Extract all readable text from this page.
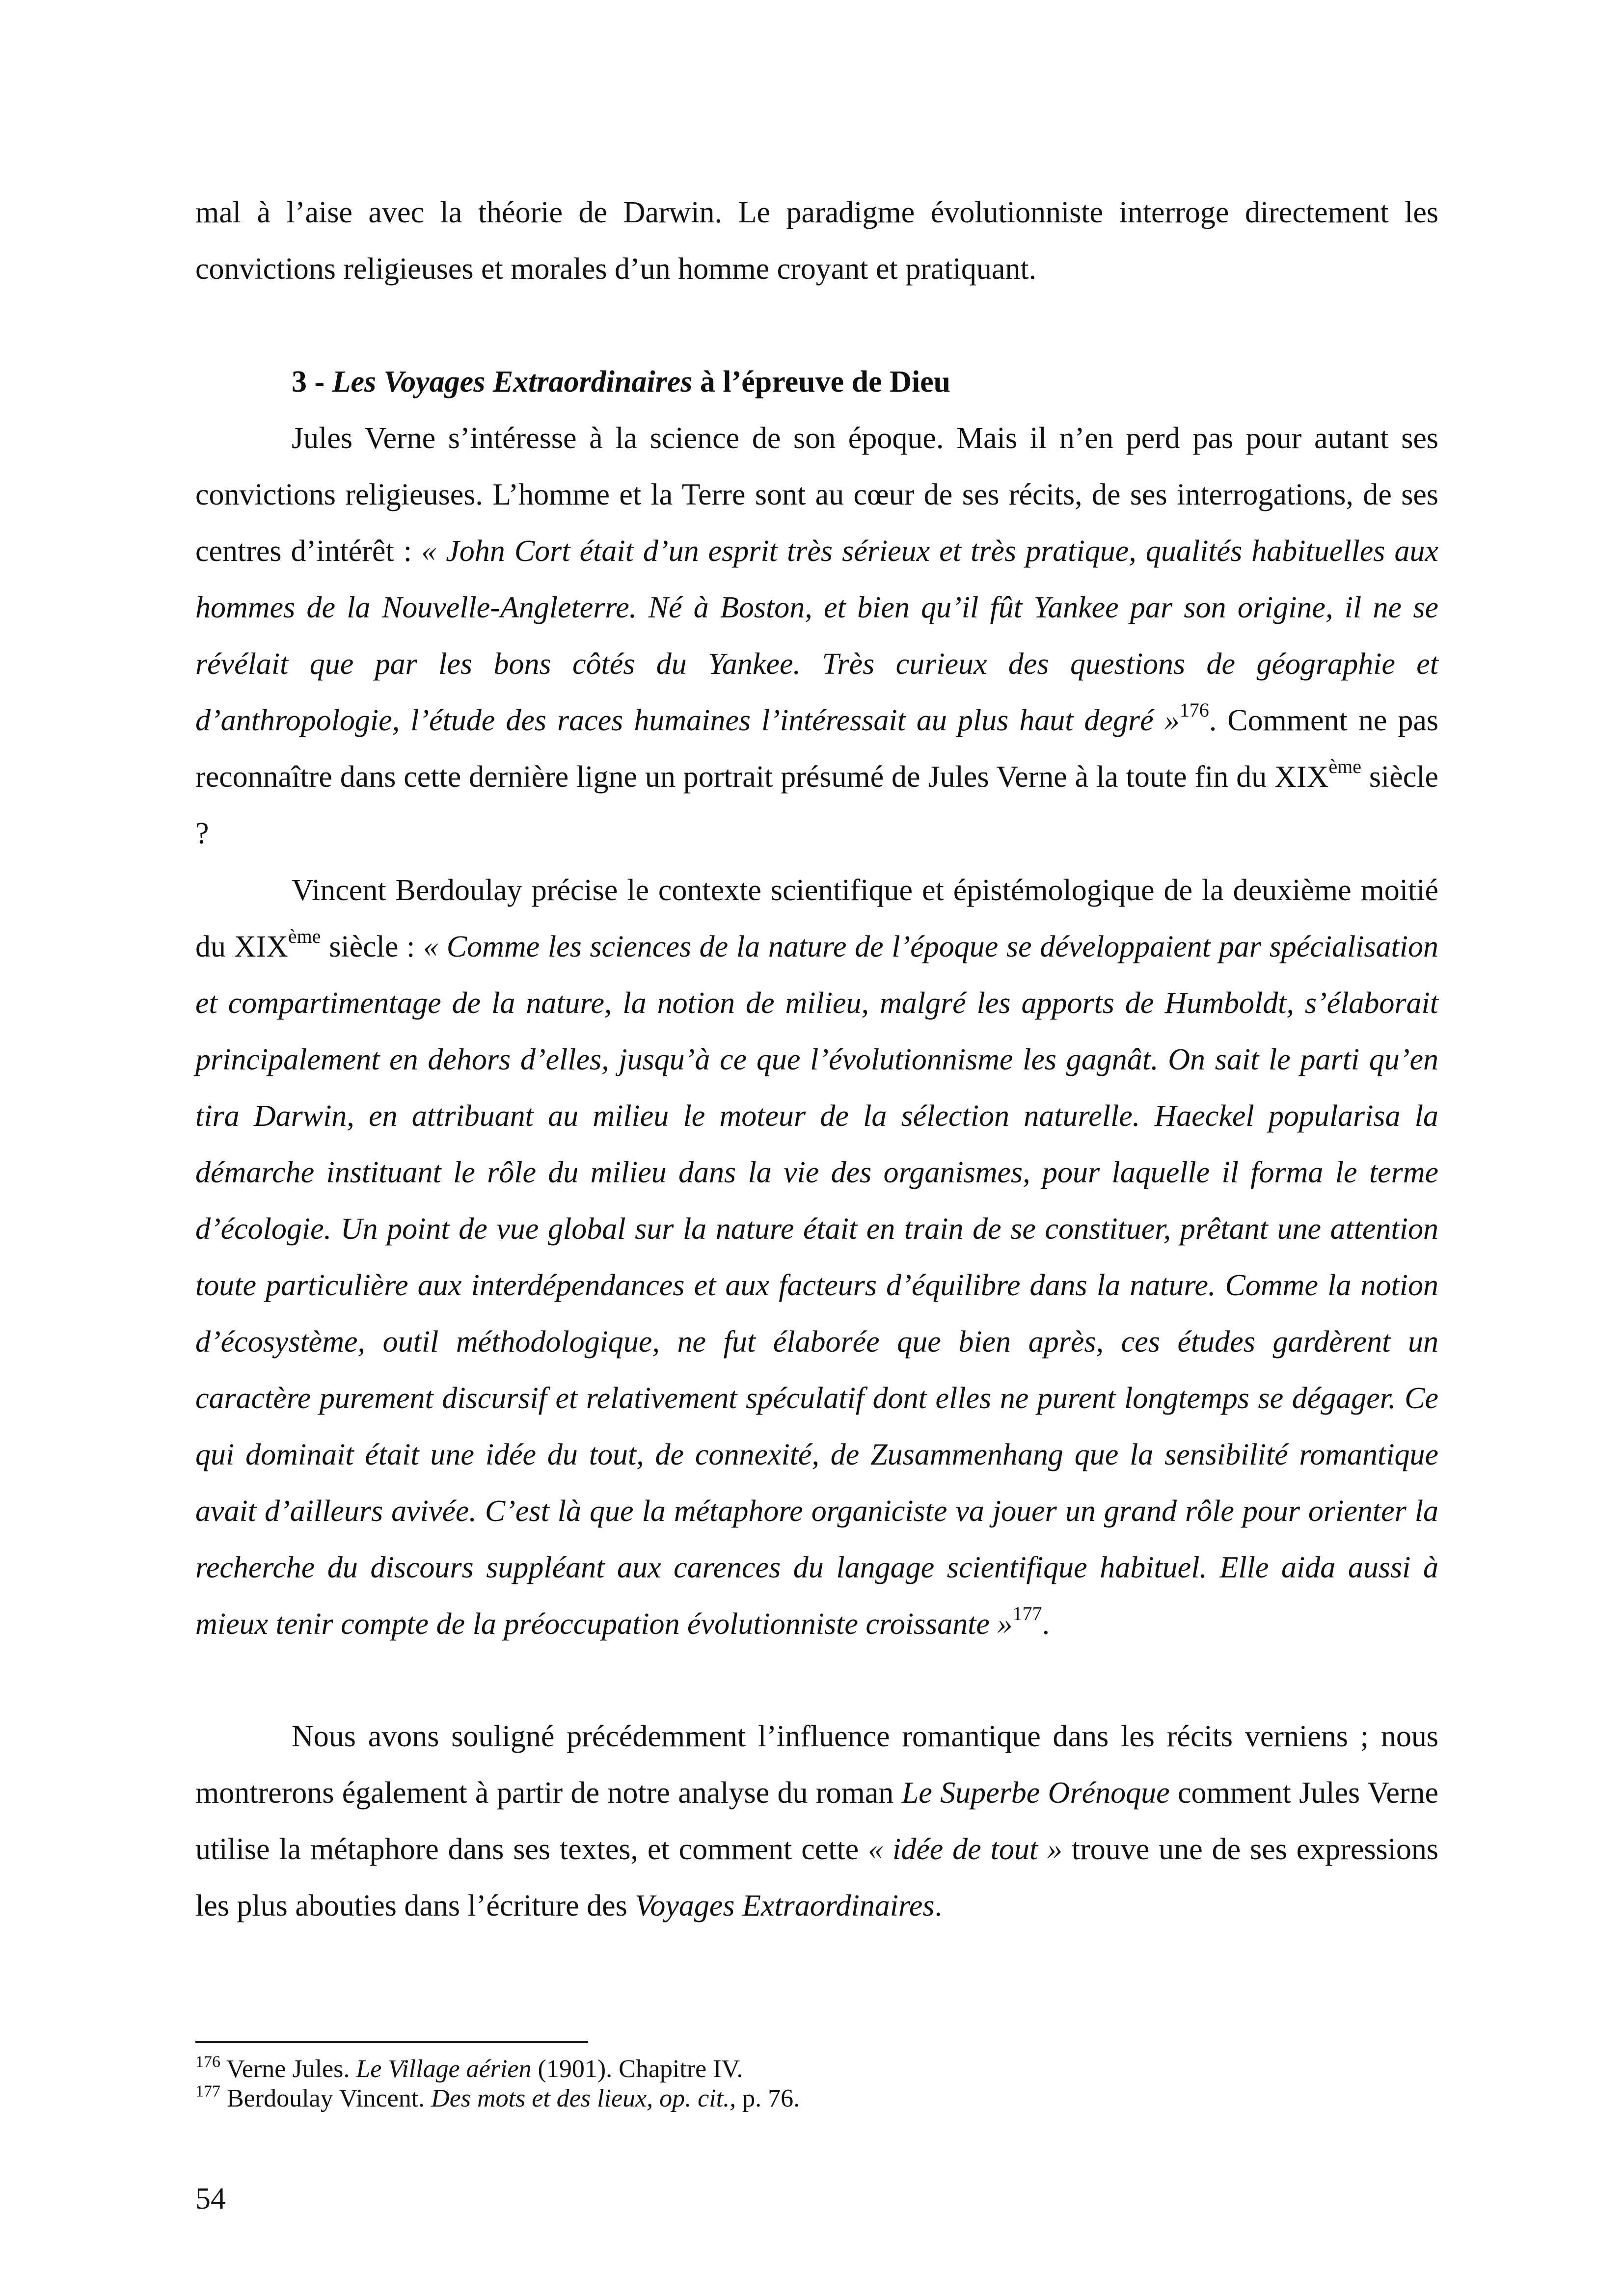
mal à l’aise avec la théorie de Darwin. Le paradigme évolutionniste interroge directement les convictions religieuses et morales d’un homme croyant et pratiquant.

3 - Les Voyages Extraordinaires à l’épreuve de Dieu

Jules Verne s’intéresse à la science de son époque. Mais il n’en perd pas pour autant ses convictions religieuses. L’homme et la Terre sont au cœur de ses récits, de ses interrogations, de ses centres d’intérêt : « John Cort était d’un esprit très sérieux et très pratique, qualités habituelles aux hommes de la Nouvelle-Angleterre. Né à Boston, et bien qu’il fût Yankee par son origine, il ne se révélait que par les bons côtés du Yankee. Très curieux des questions de géographie et d’anthropologie, l’étude des races humaines l’intéressait au plus haut degré »$^{176}$. Comment ne pas reconnaître dans cette dernière ligne un portrait présumé de Jules Verne à la toute fin du XIXème siècle ?

Vincent Berdoulay précise le contexte scientifique et épistémologique de la deuxième moitié du XIXème siècle : « Comme les sciences de la nature de l’époque se développaient par spécialisation et compartimentage de la nature, la notion de milieu, malgré les apports de Humboldt, s’élaborait principalement en dehors d’elles, jusqu’à ce que l’évolutionnisme les gagnât. On sait le parti qu’en tira Darwin, en attribuant au milieu le moteur de la sélection naturelle. Haeckel popularisa la démarche instituant le rôle du milieu dans la vie des organismes, pour laquelle il forma le terme d’écologie. Un point de vue global sur la nature était en train de se constituer, prêtant une attention toute particulière aux interdépendances et aux facteurs d’équilibre dans la nature. Comme la notion d’écosystème, outil méthodologique, ne fut élaborée que bien après, ces études gardèrent un caractère purement discursif et relativement spéculatif dont elles ne purent longtemps se dégager. Ce qui dominait était une idée du tout, de connexité, de Zusammenhang que la sensibilité romantique avait d’ailleurs avivée. C’est là que la métaphore organiciste va jouer un grand rôle pour orienter la recherche du discours suppléant aux carences du langage scientifique habituel. Elle aida aussi à mieux tenir compte de la préoccupation évolutionniste croissante »$^{177}$.

Nous avons souligné précédemment l’influence romantique dans les récits verniens ; nous montrerons également à partir de notre analyse du roman Le Superbe Orénoque comment Jules Verne utilise la métaphore dans ses textes, et comment cette « idée de tout » trouve une de ses expressions les plus abouties dans l’écriture des Voyages Extraordinaires.

$^{176}$ Verne Jules. Le Village aérien (1901). Chapitre IV.

$^{177}$ Berdoulay Vincent. Des mots et des lieux, op. cit., p. 76.

54
